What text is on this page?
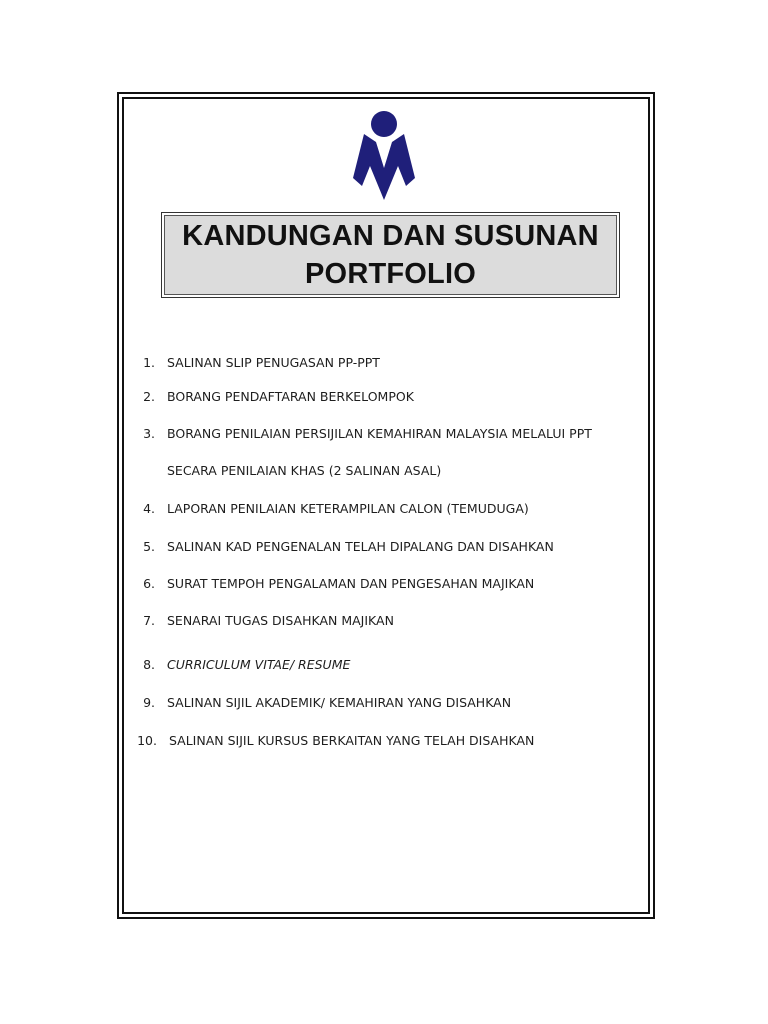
KANDUNGAN DAN SUSUNAN
PORTFOLIO
1. SALINAN SLIP PENUGASAN PP-PPT
2. BORANG PENDAFTARAN BERKELOMPOK
3. BORANG PENILAIAN PERSIJILAN KEMAHIRAN MALAYSIA MELALUI PPT
SECARA PENILAIAN KHAS (2 SALINAN ASAL)
4. LAPORAN PENILAIAN KETERAMPILAN CALON (TEMUDUGA)
5. SALINAN KAD PENGENALAN TELAH DIPALANG DAN DISAHKAN
6. SURAT TEMPOH PENGALAMAN DAN PENGESAHAN MAJIKAN
7. SENARAI TUGAS DISAHKAN MAJIKAN
8. CURRICULUM VITAE/ RESUME
9. SALINAN SIJIL AKADEMIK/ KEMAHIRAN YANG DISAHKAN
10. SALINAN SIJIL KURSUS BERKAITAN YANG TELAH DISAHKAN
